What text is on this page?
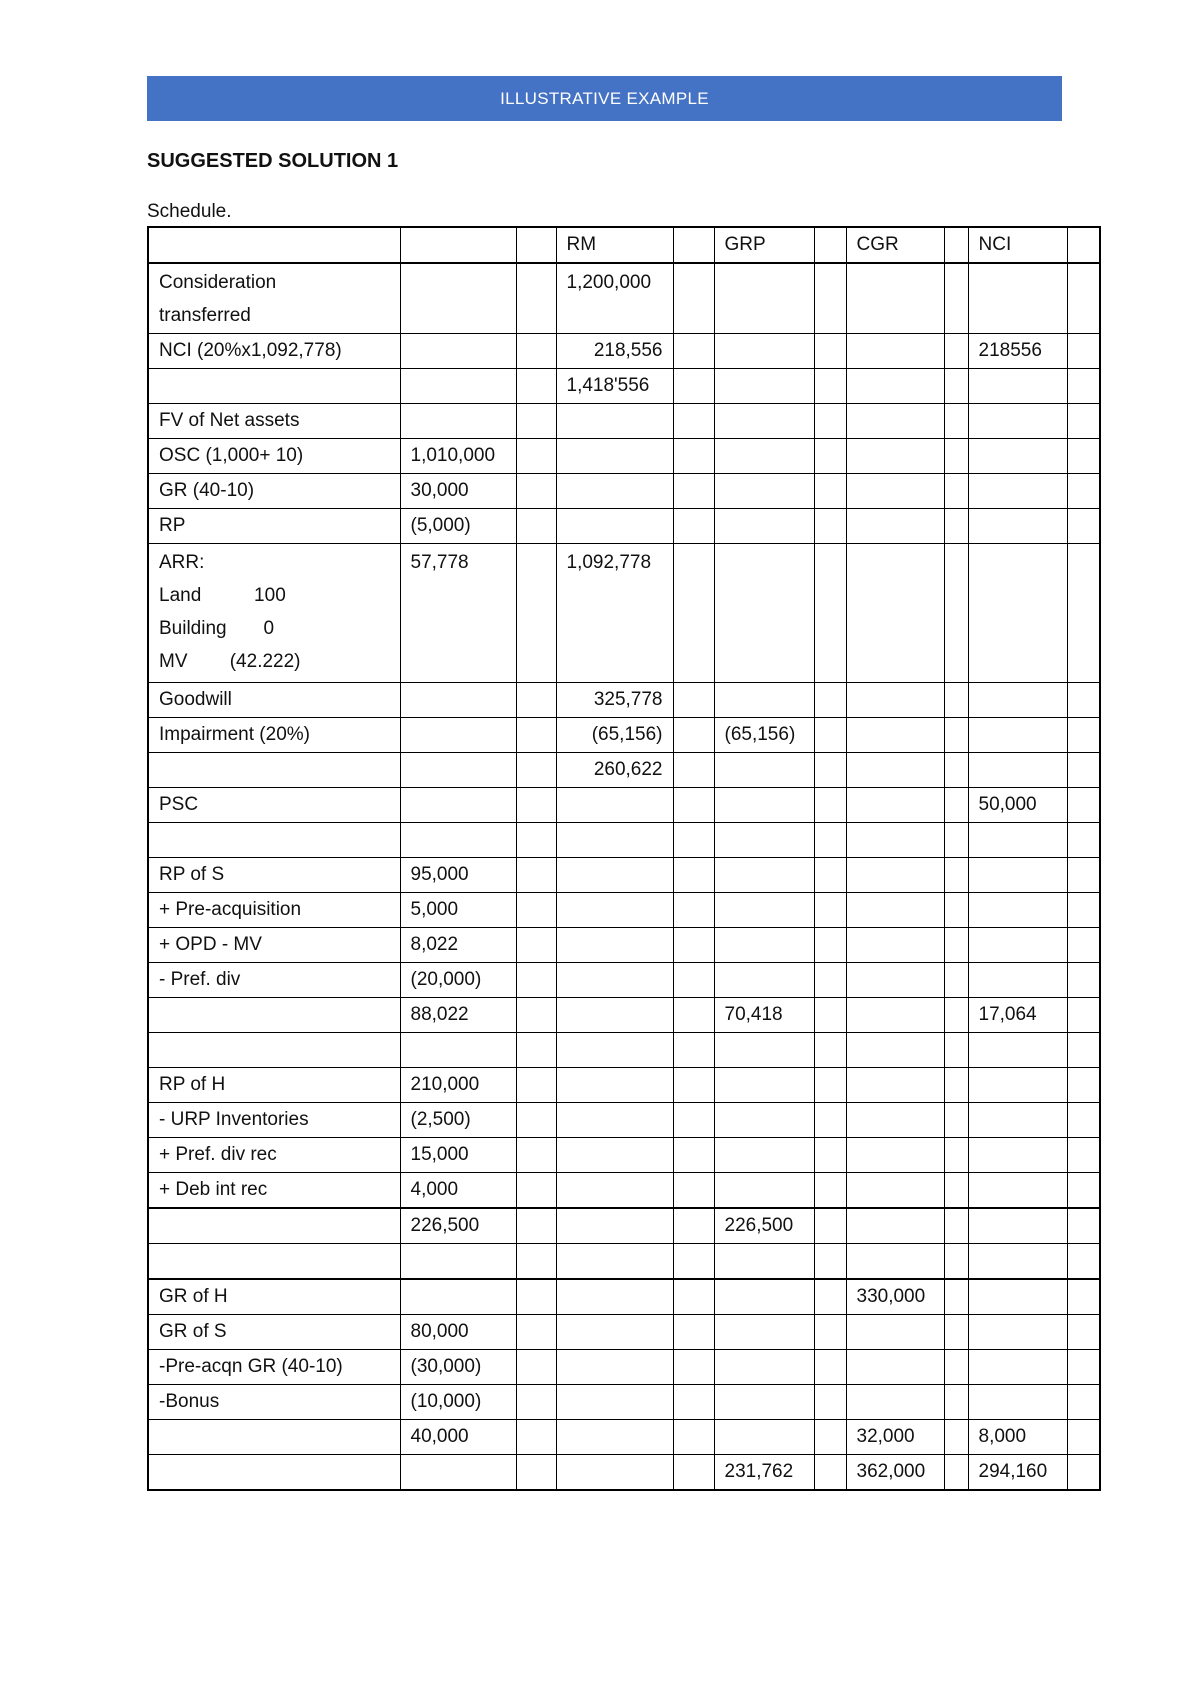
ILLUSTRATIVE EXAMPLE
SUGGESTED SOLUTION 1
Schedule.

			RM		GRP		CGR		NCI	

Consideration
transferred			1,200,000							

NCI (20%x1,092,778)			218,556						218556	

			1,418'556							

FV of Net assets										

OSC (1,000+ 10)	1,010,000									

GR (40-10)	30,000									

RP	(5,000)									

ARR:
Land          100
Building       0
MV        (42.222)	57,778		1,092,778							

Goodwill			325,778							

Impairment (20%)			(65,156)		(65,156)					

			260,622							

PSC									50,000	

RP of S	95,000									

+ Pre-acquisition	5,000									

+ OPD - MV	8,022									

- Pref. div	(20,000)									

	88,022				70,418				17,064	

RP of H	210,000									

- URP Inventories	(2,500)									

+ Pref. div rec	15,000									

+ Deb int rec	4,000									

	226,500				226,500					

GR of H							330,000			

GR of S	80,000									

-Pre-acqn GR (40-10)	(30,000)									

-Bonus	(10,000)									

	40,000						32,000		8,000	

					231,762		362,000		294,160	
